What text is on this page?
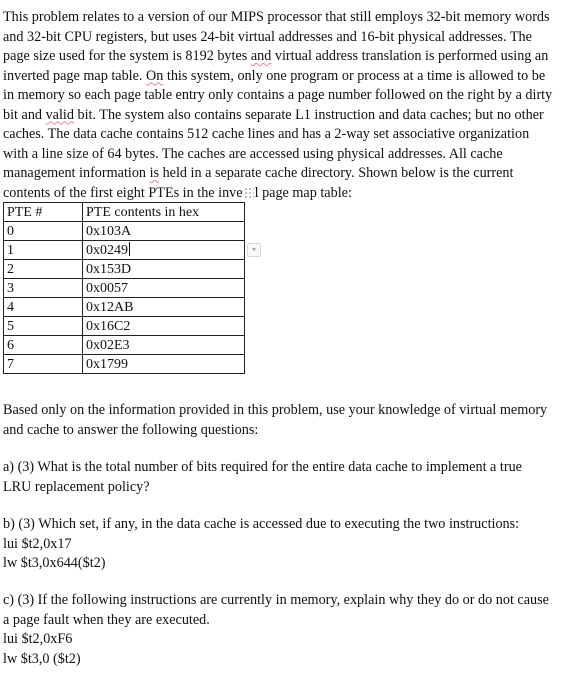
This problem relates to a version of our MIPS processor that still employs 32-bit memory words
and 32-bit CPU registers, but uses 24-bit virtual addresses and 16-bit physical addresses. The
page size used for the system is 8192 bytes and virtual address translation is performed using an
inverted page map table. On this system, only one program or process at a time is allowed to be
in memory so each page table entry only contains a page number followed on the right by a dirty
bit and valid bit. The system also contains separate L1 instruction and data caches; but no other
caches. The data cache contains 512 cache lines and has a 2-way set associative organization
with a line size of 64 bytes. The caches are accessed using physical addresses. All cache
management information is held in a separate cache directory. Shown below is the current
contents of the first eight PTEs in the inve l page map table:
PTE #	PTE contents in hex
0	0x103A
1	0x0249 ▾

2	0x153D
3	0x0057
4	0x12AB
5	0x16C2
6	0x02E3
7	0x1799
Based only on the information provided in this problem, use your knowledge of virtual memory
and cache to answer the following questions:
a) (3) What is the total number of bits required for the entire data cache to implement a true
LRU replacement policy?
b) (3) Which set, if any, in the data cache is accessed due to executing the two instructions:
lui $t2,0x17
lw $t3,0x644($t2)
c) (3) If the following instructions are currently in memory, explain why they do or do not cause
a page fault when they are executed.
lui $t2,0xF6
lw $t3,0 ($t2)
